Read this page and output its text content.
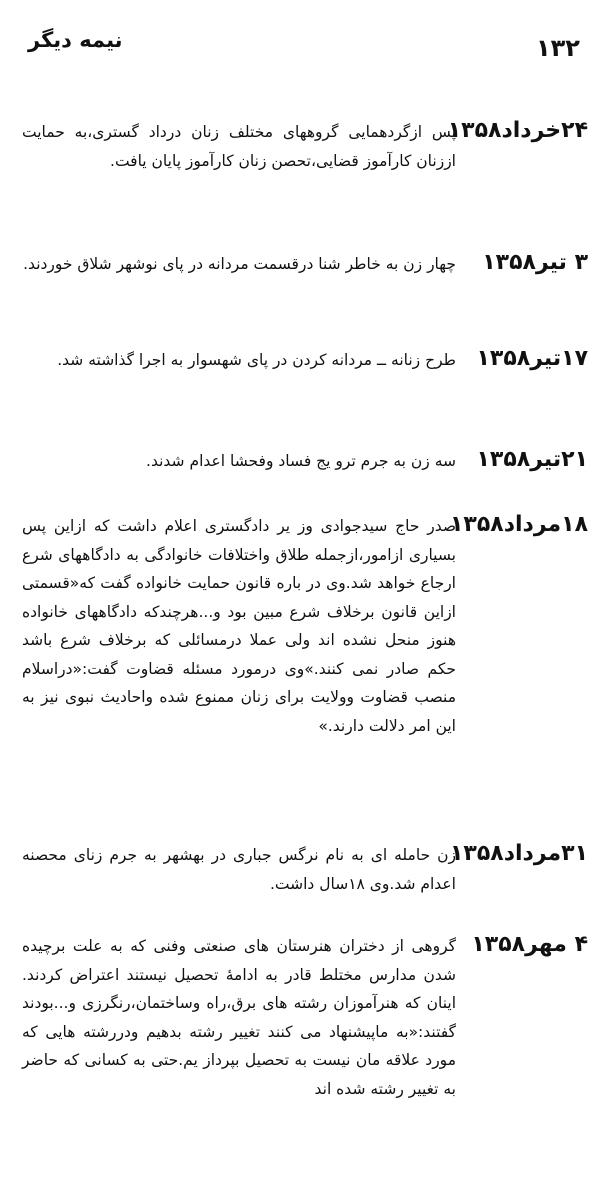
۱۳۲
نیمه دیگر
۲۴خرداد۱۳۵۸
پس ازگردهمایی گروههای مختلف زنان درداد گستری،به حمایت اززنان کارآموز قضایی،تحصن زنان کارآموز پایان یافت.
۳ تیر۱۳۵۸
چهار زن به خاطر شنا درقسمت مردانه در پای نوشهر شلاق خوردند.
۱۷تیر۱۳۵۸
طرح زنانه ــ مردانه کردن در پای شهسوار به اجرا گذاشته شد.
۲۱تیر۱۳۵۸
سه زن به جرم ترو یج فساد وفحشا اعدام شدند.
۱۸مرداد۱۳۵۸
صدر حاج سیدجوادی وز یر دادگستری اعلام داشت که ازاین پس بسیاری ازامور،ازجمله طلاق واختلافات خانوادگی به دادگاههای شرع ارجاع خواهد شد.وی در باره قانون حمایت خانواده گفت که«قسمتی ازاین قانون برخلاف شرع مبین بود و...هرچندکه دادگاههای خانواده هنوز منحل نشده اند ولی عملا درمسائلی که برخلاف شرع باشد حکم صادر نمی کنند.»وی درمورد مسئله قضاوت گفت:«دراسلام منصب قضاوت وولایت برای زنان ممنوع شده واحادیث نبوی نیز به این امر دلالت دارند.»
۳۱مرداد۱۳۵۸
زن حامله ای به نام نرگس جباری در بهشهر به جرم زنای محصنه اعدام شد.وی ۱۸سال داشت.
۴ مهر۱۳۵۸
گروهی از دختران هنرستان های صنعتی وفنی که به علت برچیده شدن مدارس مختلط قادر به ادامهٔ تحصیل نیستند اعتراض کردند. اینان که هنرآموزان رشته های برق،راه وساختمان،رنگرزی و...بودند گفتند:«به ماپیشنهاد می کنند تغییر رشته بدهیم ودررشته هایی که مورد علاقه مان نیست به تحصیل بپرداز یم.حتی به کسانی که حاضر به تغییر رشته شده اند
